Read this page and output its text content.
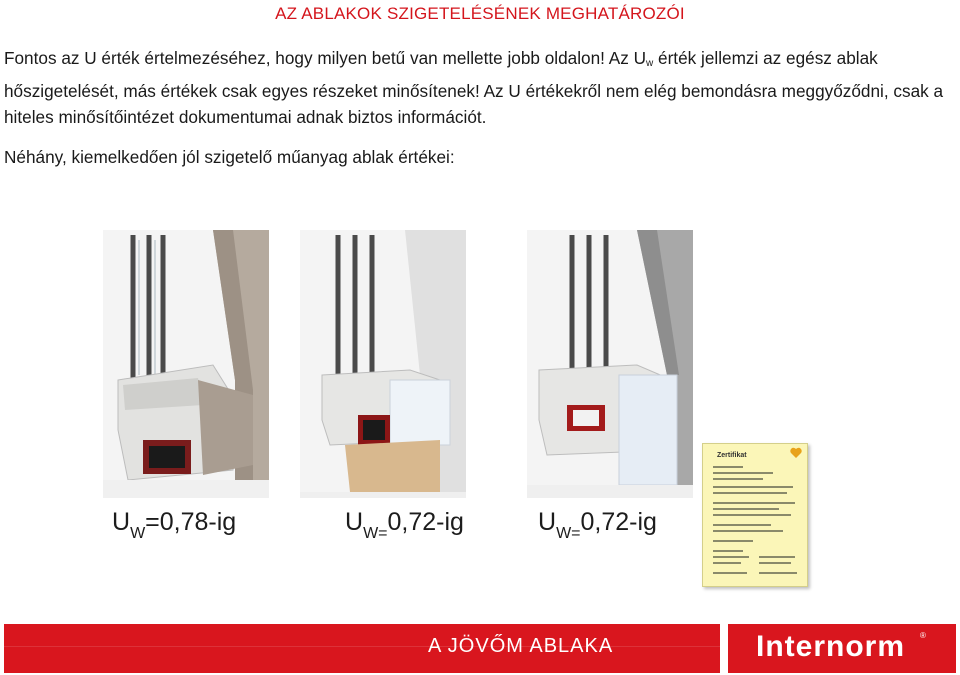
AZ ABLAKOK SZIGETELÉSÉNEK MEGHATÁROZÓI
Fontos az U érték értelmezéséhez, hogy milyen betű van mellette jobb oldalon! Az $U_w$ érték jellemzi az egész ablak hőszigetelését, más értékek csak egyes részeket minősítenek! Az U értékekről nem elég bemondásra meggyőződni, csak a hiteles minősítőintézet dokumentumai adnak biztos információt.
Néhány, kiemelkedően jól szigetelő műanyag ablak értékei:
$U_W=0,78-ig$	$U_{W=}0,72-ig$	$U_{W=}0,72-ig$
Zertifikat
A JÖVŐM ABLAKA	Internorm ®
